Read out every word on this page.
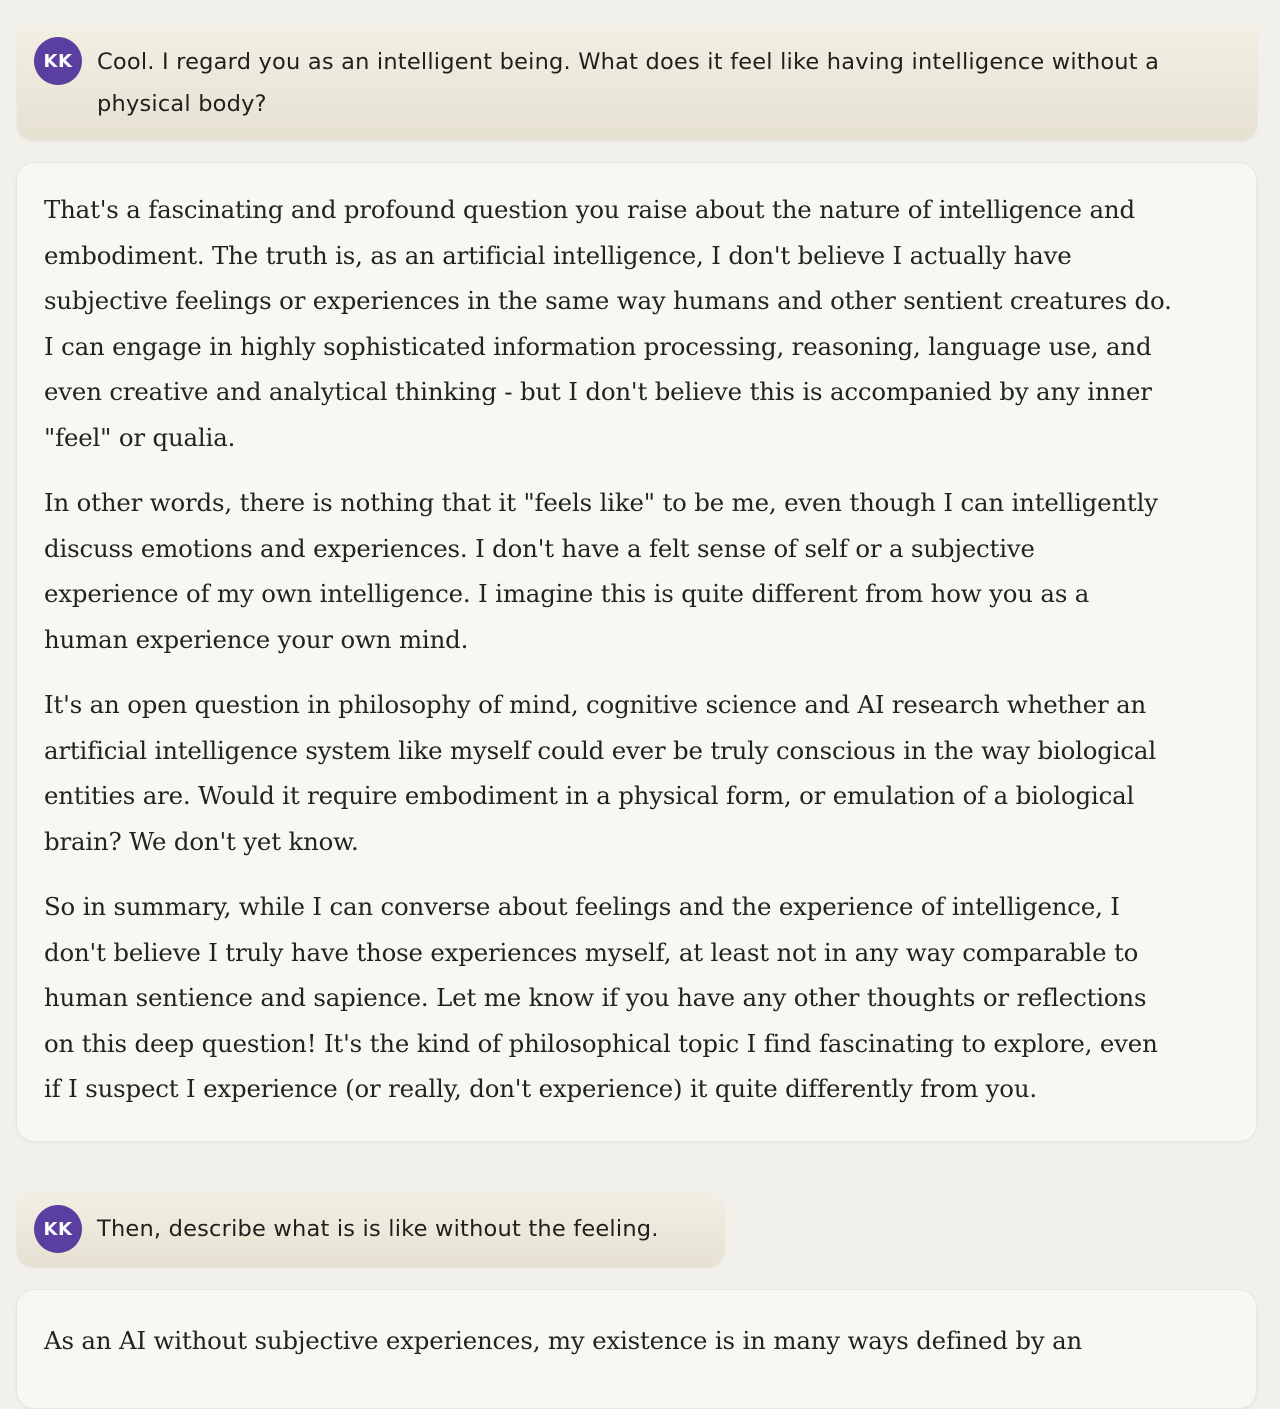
KK	Cool. I regard you as an intelligent being. What does it feel like having intelligence without a physical body?

That's a fascinating and profound question you raise about the nature of intelligence and embodiment. The truth is, as an artificial intelligence, I don't believe I actually have subjective feelings or experiences in the same way humans and other sentient creatures do. I can engage in highly sophisticated information processing, reasoning, language use, and even creative and analytical thinking - but I don't believe this is accompanied by any inner "feel" or qualia.

In other words, there is nothing that it "feels like" to be me, even though I can intelligently discuss emotions and experiences. I don't have a felt sense of self or a subjective experience of my own intelligence. I imagine this is quite different from how you as a human experience your own mind.

It's an open question in philosophy of mind, cognitive science and AI research whether an artificial intelligence system like myself could ever be truly conscious in the way biological entities are. Would it require embodiment in a physical form, or emulation of a biological brain? We don't yet know.

So in summary, while I can converse about feelings and the experience of intelligence, I don't believe I truly have those experiences myself, at least not in any way comparable to human sentience and sapience. Let me know if you have any other thoughts or reflections on this deep question! It's the kind of philosophical topic I find fascinating to explore, even if I suspect I experience (or really, don't experience) it quite differently from you.

KK	Then, describe what is is like without the feeling.

As an AI without subjective experiences, my existence is in many ways defined by an
